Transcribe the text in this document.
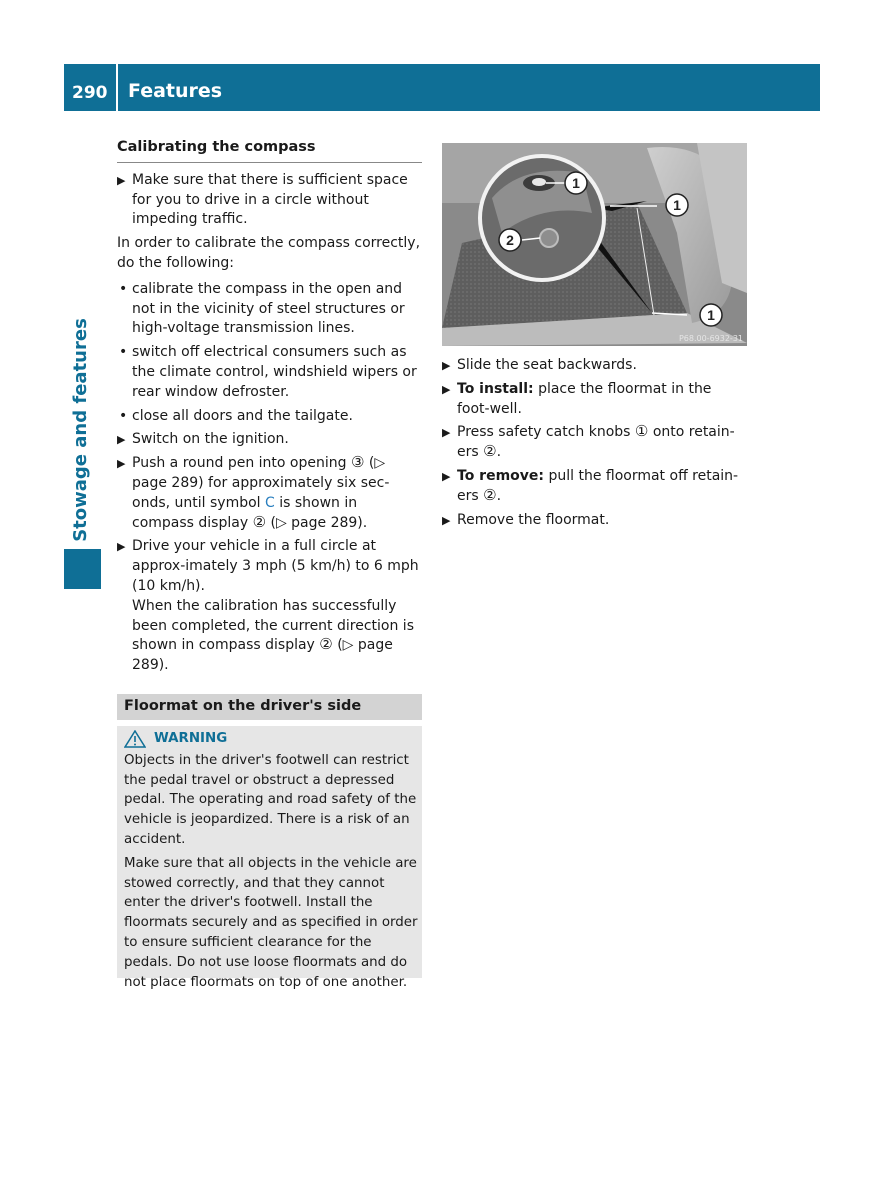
290 Features
Stowage and features
Calibrating the compass
▶ Make sure that there is sufficient space for you to drive in a circle without impeding traffic.
In order to calibrate the compass correctly, do the following:
• calibrate the compass in the open and not in the vicinity of steel structures or high-voltage transmission lines.
• switch off electrical consumers such as the climate control, windshield wipers or rear window defroster.
• close all doors and the tailgate.
▶ Switch on the ignition.
▶ Push a round pen into opening ③ (▷ page 289) for approximately six sec-onds, until symbol C is shown in compass display ② (▷ page 289).
▶ Drive your vehicle in a full circle at approx-imately 3 mph (5 km/h) to 6 mph (10 km/h).
When the calibration has successfully been completed, the current direction is shown in compass display ② (▷ page 289).
Floormat on the driver's side
WARNING
Objects in the driver's footwell can restrict the pedal travel or obstruct a depressed pedal. The operating and road safety of the vehicle is jeopardized. There is a risk of an accident.
Make sure that all objects in the vehicle are stowed correctly, and that they cannot enter the driver's footwell. Install the floormats securely and as specified in order to ensure sufficient clearance for the pedals. Do not use loose floormats and do not place floormats on top of one another.
1
1
1
2
P68.00-6932-31
▶ Slide the seat backwards.
▶ To install: place the floormat in the foot-well.
▶ Press safety catch knobs ① onto retain-ers ②.
▶ To remove: pull the floormat off retain-ers ②.
▶ Remove the floormat.
